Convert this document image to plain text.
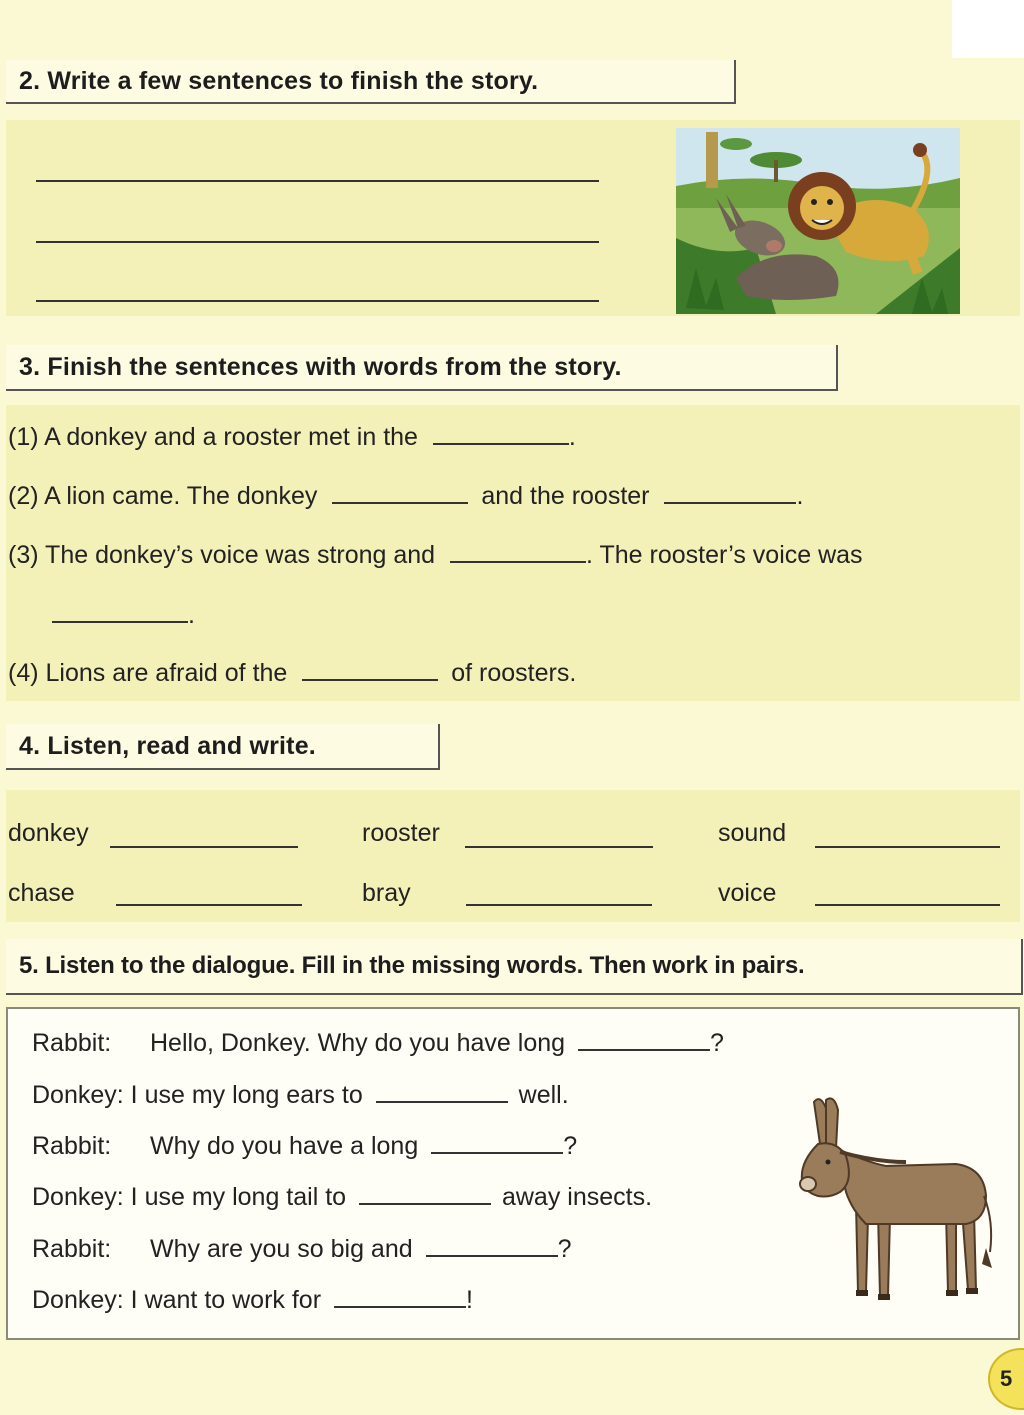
2. Write a few sentences to finish the story.
3. Finish the sentences with words from the story.
(1) A donkey and a rooster met in the	.
(2) A lion came. The donkey	and the rooster	.
(3) The donkey’s voice was strong and	. The rooster’s voice was
.
(4) Lions are afraid of the	of roosters.
4. Listen, read and write.
donkey	rooster	sound
chase	bray	voice
5. Listen to the dialogue. Fill in the missing words. Then work in pairs.
Rabbit: Hello, Donkey. Why do you have long	?
Donkey: I use my long ears to	well.
Rabbit: Why do you have a long	?
Donkey: I use my long tail to	away insects.
Rabbit: Why are you so big and	?
Donkey: I want to work for	!
5
